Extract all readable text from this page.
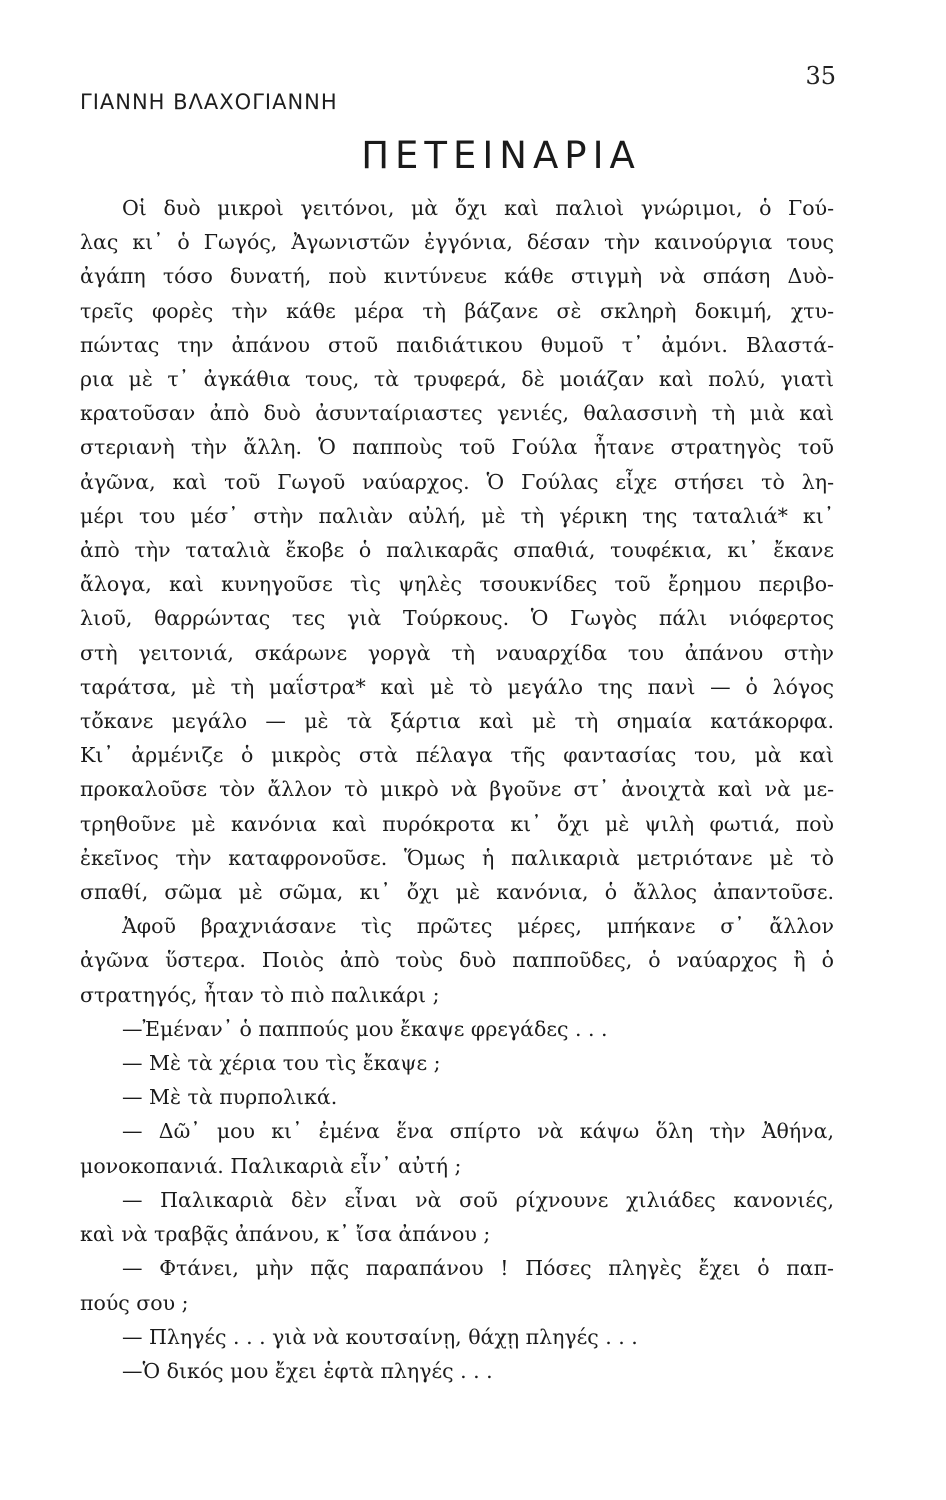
35
ΓΙΑΝΝΗ ΒΛΑΧΟΓΙΑΝΝΗ
ΠΕΤΕΙΝΑΡΙΑ
Οἱ δυὸ μικροὶ γειτόνοι, μὰ ὄχι καὶ παλιοὶ γνώριμοι, ὁ Γού-
λας κι᾿ ὁ Γωγός, Ἀγωνιστῶν ἐγγόνια, δέσαν τὴν καινούργια τους
ἀγάπη τόσο δυνατή, ποὺ κιντύνευε κάθε στιγμὴ νὰ σπάση Δυὸ-
τρεῖς φορὲς τὴν κάθε μέρα τὴ βάζανε σὲ σκληρὴ δοκιμή, χτυ-
πώντας την ἀπάνου στοῦ παιδιάτικου θυμοῦ τ᾿ ἀμόνι. Βλαστά-
ρια μὲ τ᾿ ἀγκάθια τους, τὰ τρυφερά, δὲ μοιάζαν καὶ πολύ, γιατὶ
κρατοῦσαν ἀπὸ δυὸ ἀσυνταίριαστες γενιές, θαλασσινὴ τὴ μιὰ καὶ
στεριανὴ τὴν ἄλλη. Ὁ παπποὺς τοῦ Γούλα ἦτανε στρατηγὸς τοῦ
ἀγῶνα, καὶ τοῦ Γωγοῦ ναύαρχος. Ὁ Γούλας εἶχε στήσει τὸ λη-
μέρι του μέσ᾿ στὴν παλιὰν αὐλή, μὲ τὴ γέρικη της ταταλιά* κι᾿
ἀπὸ τὴν ταταλιὰ ἔκοβε ὁ παλικαρᾶς σπαθιά, τουφέκια, κι᾿ ἔκανε
ἄλογα, καὶ κυνηγοῦσε τὶς ψηλὲς τσουκνίδες τοῦ ἔρημου περιβο-
λιοῦ, θαρρώντας τες γιὰ Τούρκους. Ὁ Γωγὸς πάλι νιόφερτος
στὴ γειτονιά, σκάρωνε γοργὰ τὴ ναυαρχίδα του ἀπάνου στὴν
ταράτσα, μὲ τὴ μαΐστρα* καὶ μὲ τὸ μεγάλο της πανὶ — ὁ λόγος
τὄκανε μεγάλο — μὲ τὰ ξάρτια καὶ μὲ τὴ σημαία κατάκορφα.
Κι᾿ ἀρμένιζε ὁ μικρὸς στὰ πέλαγα τῆς φαντασίας του, μὰ καὶ
προκαλοῦσε τὸν ἄλλον τὸ μικρὸ νὰ βγοῦνε στ᾿ ἀνοιχτὰ καὶ νὰ με-
τρηθοῦνε μὲ κανόνια καὶ πυρόκροτα κι᾿ ὄχι μὲ ψιλὴ φωτιά, ποὺ
ἐκεῖνος τὴν καταφρονοῦσε. Ὅμως ἡ παλικαριὰ μετριότανε μὲ τὸ
σπαθί, σῶμα μὲ σῶμα, κι᾿ ὄχι μὲ κανόνια, ὁ ἄλλος ἀπαντοῦσε.
Ἀφοῦ βραχνιάσανε τὶς πρῶτες μέρες, μπήκανε σ᾿ ἄλλον
ἀγῶνα ὕστερα. Ποιὸς ἀπὸ τοὺς δυὸ παπποῦδες, ὁ ναύαρχος ἢ ὁ
στρατηγός, ἦταν τὸ πιὸ παλικάρι ;
—Ἐμέναν᾿ ὁ παππούς μου ἔκαψε φρεγάδες . . .
— Μὲ τὰ χέρια του τὶς ἔκαψε ;
— Μὲ τὰ πυρπολικά.
— Δῶ᾿ μου κι᾿ ἐμένα ἕνα σπίρτο νὰ κάψω ὅλη τὴν Ἀθήνα,
μονοκοπανιά. Παλικαριὰ εἶν᾿ αὐτή ;
— Παλικαριὰ δὲν εἶναι νὰ σοῦ ρίχνουνε χιλιάδες κανονιές,
καὶ νὰ τραβᾷς ἀπάνου, κ᾿ ἴσα ἀπάνου ;
— Φτάνει, μὴν πᾷς παραπάνου ! Πόσες πληγὲς ἔχει ὁ παπ-
πούς σου ;
— Πληγές . . . γιὰ νὰ κουτσαίνῃ, θάχῃ πληγές . . .
—Ὁ δικός μου ἔχει ἑφτὰ πληγές . . .
